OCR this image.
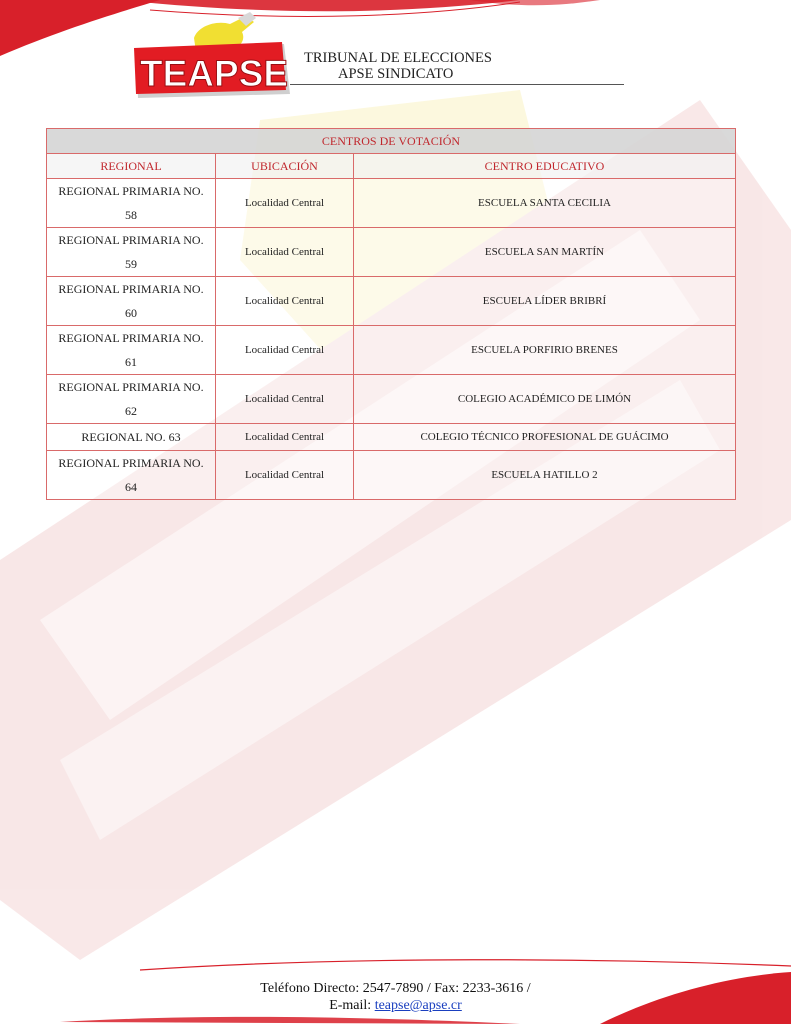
TEAPSE TRIBUNAL DE ELECCIONES
APSE SINDICATO
CENTROS DE VOTACIÓN		
REGIONAL	UBICACIÓN	CENTRO EDUCATIVO
REGIONAL PRIMARIA NO. 58	Localidad Central	ESCUELA SANTA CECILIA
REGIONAL PRIMARIA NO. 59	Localidad Central	ESCUELA SAN MARTÍN
REGIONAL PRIMARIA NO. 60	Localidad Central	ESCUELA LÍDER BRIBRÍ
REGIONAL PRIMARIA NO. 61	Localidad Central	ESCUELA PORFIRIO BRENES
REGIONAL PRIMARIA NO. 62	Localidad Central	COLEGIO ACADÉMICO DE LIMÓN
REGIONAL NO. 63	Localidad Central	COLEGIO TÉCNICO PROFESIONAL DE GUÁCIMO
REGIONAL PRIMARIA NO. 64	Localidad Central	ESCUELA HATILLO 2
Teléfono Directo: 2547-7890 / Fax: 2233-3616 /
E-mail: teapse@apse.cr
